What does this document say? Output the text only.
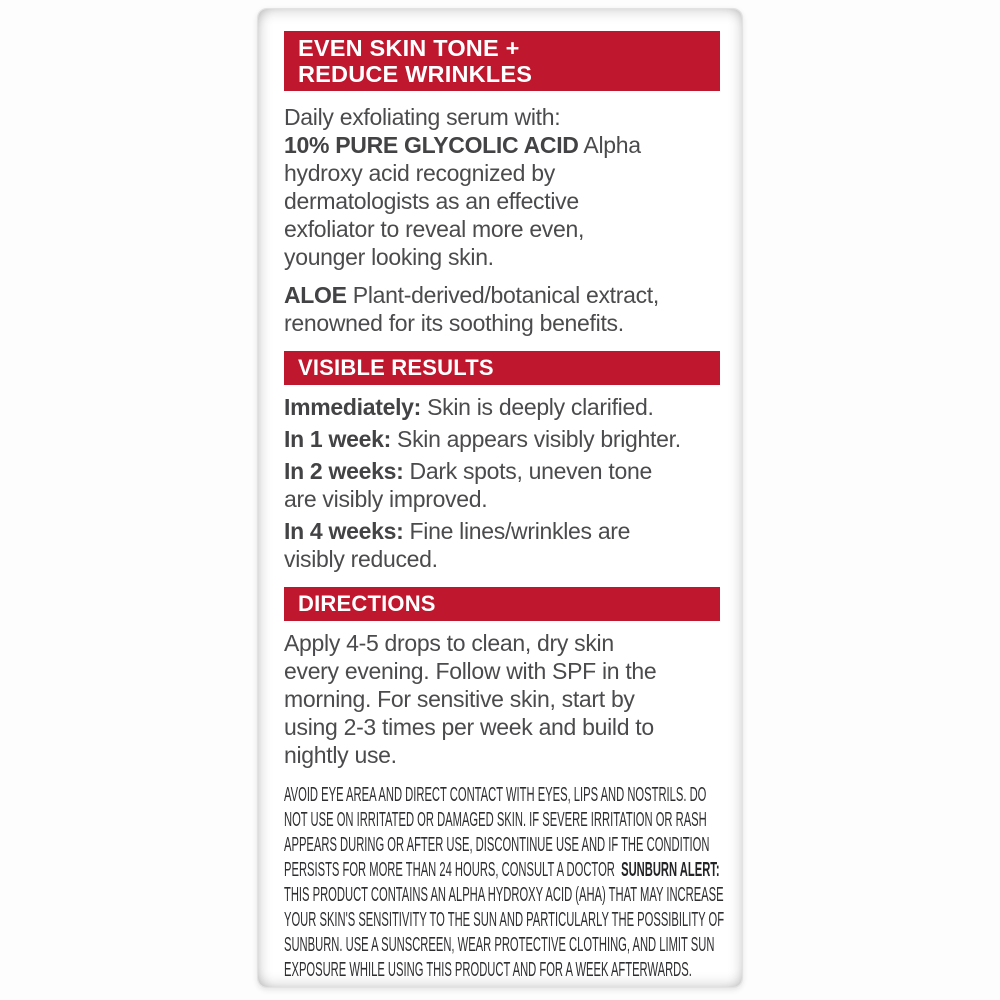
EVEN SKIN TONE +
REDUCE WRINKLES
Daily exfoliating serum with:
10% PURE GLYCOLIC ACID Alpha
hydroxy acid recognized by
dermatologists as an effective
exfoliator to reveal more even,
younger looking skin.
ALOE Plant-derived/botanical extract,
renowned for its soothing benefits.
VISIBLE RESULTS
Immediately: Skin is deeply clarified.
In 1 week: Skin appears visibly brighter.
In 2 weeks: Dark spots, uneven tone
are visibly improved.
In 4 weeks: Fine lines/wrinkles are
visibly reduced.
DIRECTIONS
Apply 4-5 drops to clean, dry skin
every evening. Follow with SPF in the
morning. For sensitive skin, start by
using 2-3 times per week and build to
nightly use.
AVOID EYE AREA AND DIRECT CONTACT WITH EYES, LIPS AND NOSTRILS. DO
NOT USE ON IRRITATED OR DAMAGED SKIN. IF SEVERE IRRITATION OR RASH
APPEARS DURING OR AFTER USE, DISCONTINUE USE AND IF THE CONDITION
PERSISTS FOR MORE THAN 24 HOURS, CONSULT A DOCTOR SUNBURN ALERT:
THIS PRODUCT CONTAINS AN ALPHA HYDROXY ACID (AHA) THAT MAY INCREASE
YOUR SKIN'S SENSITIVITY TO THE SUN AND PARTICULARLY THE POSSIBILITY OF
SUNBURN. USE A SUNSCREEN, WEAR PROTECTIVE CLOTHING, AND LIMIT SUN
EXPOSURE WHILE USING THIS PRODUCT AND FOR A WEEK AFTERWARDS.
